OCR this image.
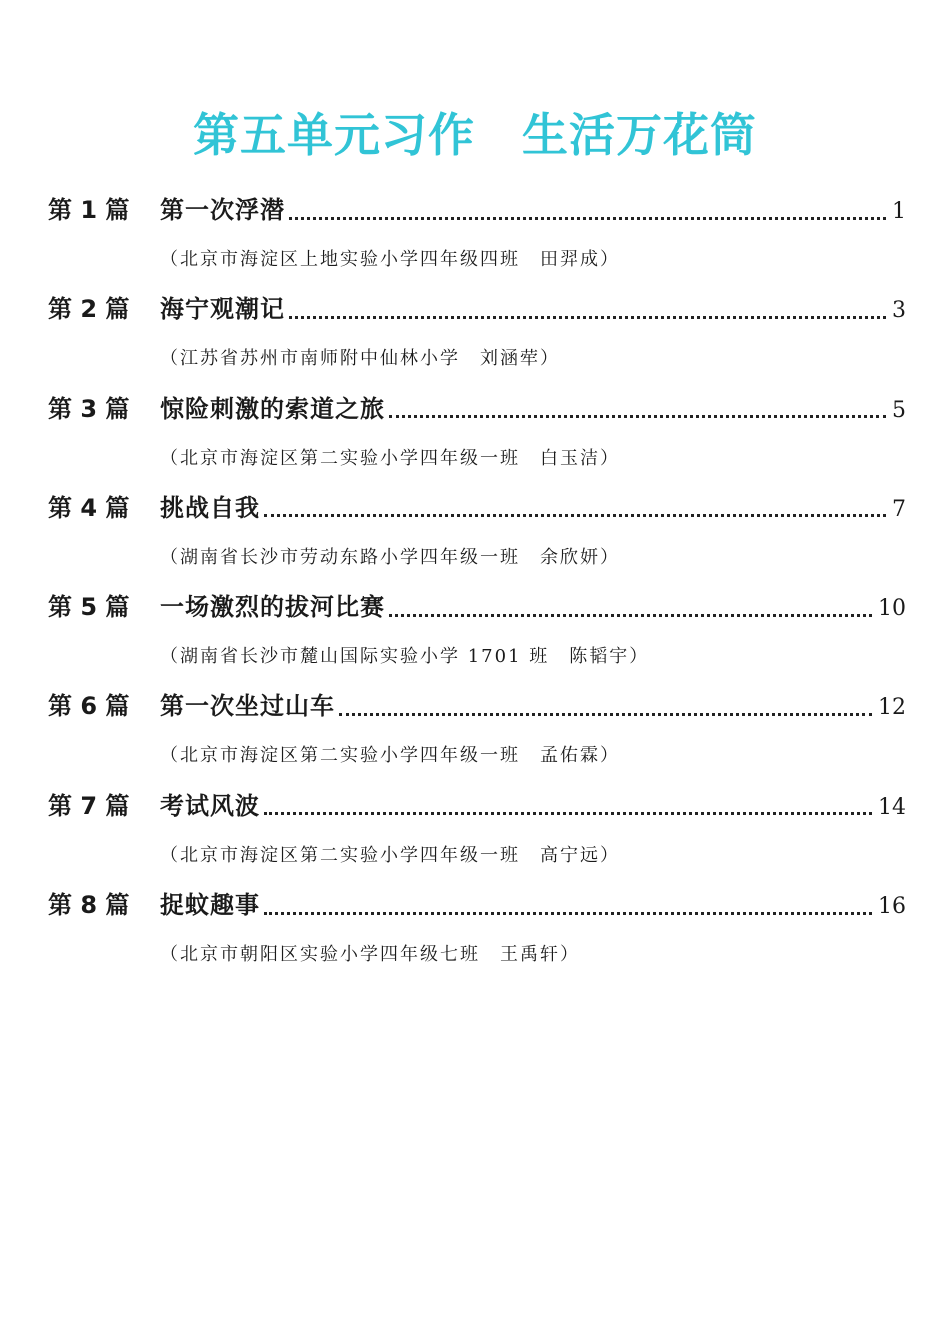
第五单元习作　生活万花筒
第 1 篇	第一次浮潜	1
（北京市海淀区上地实验小学四年级四班　田羿成）
第 2 篇	海宁观潮记	3
（江苏省苏州市南师附中仙林小学　刘涵荦）
第 3 篇	惊险刺激的索道之旅	5
（北京市海淀区第二实验小学四年级一班　白玉洁）
第 4 篇	挑战自我	7
（湖南省长沙市劳动东路小学四年级一班　余欣妍）
第 5 篇	一场激烈的拔河比赛	10
（湖南省长沙市麓山国际实验小学 1701 班　陈韬宇）
第 6 篇	第一次坐过山车	12
（北京市海淀区第二实验小学四年级一班　孟佑霖）
第 7 篇	考试风波	14
（北京市海淀区第二实验小学四年级一班　高宁远）
第 8 篇	捉蚊趣事	16
（北京市朝阳区实验小学四年级七班　王禹轩）
